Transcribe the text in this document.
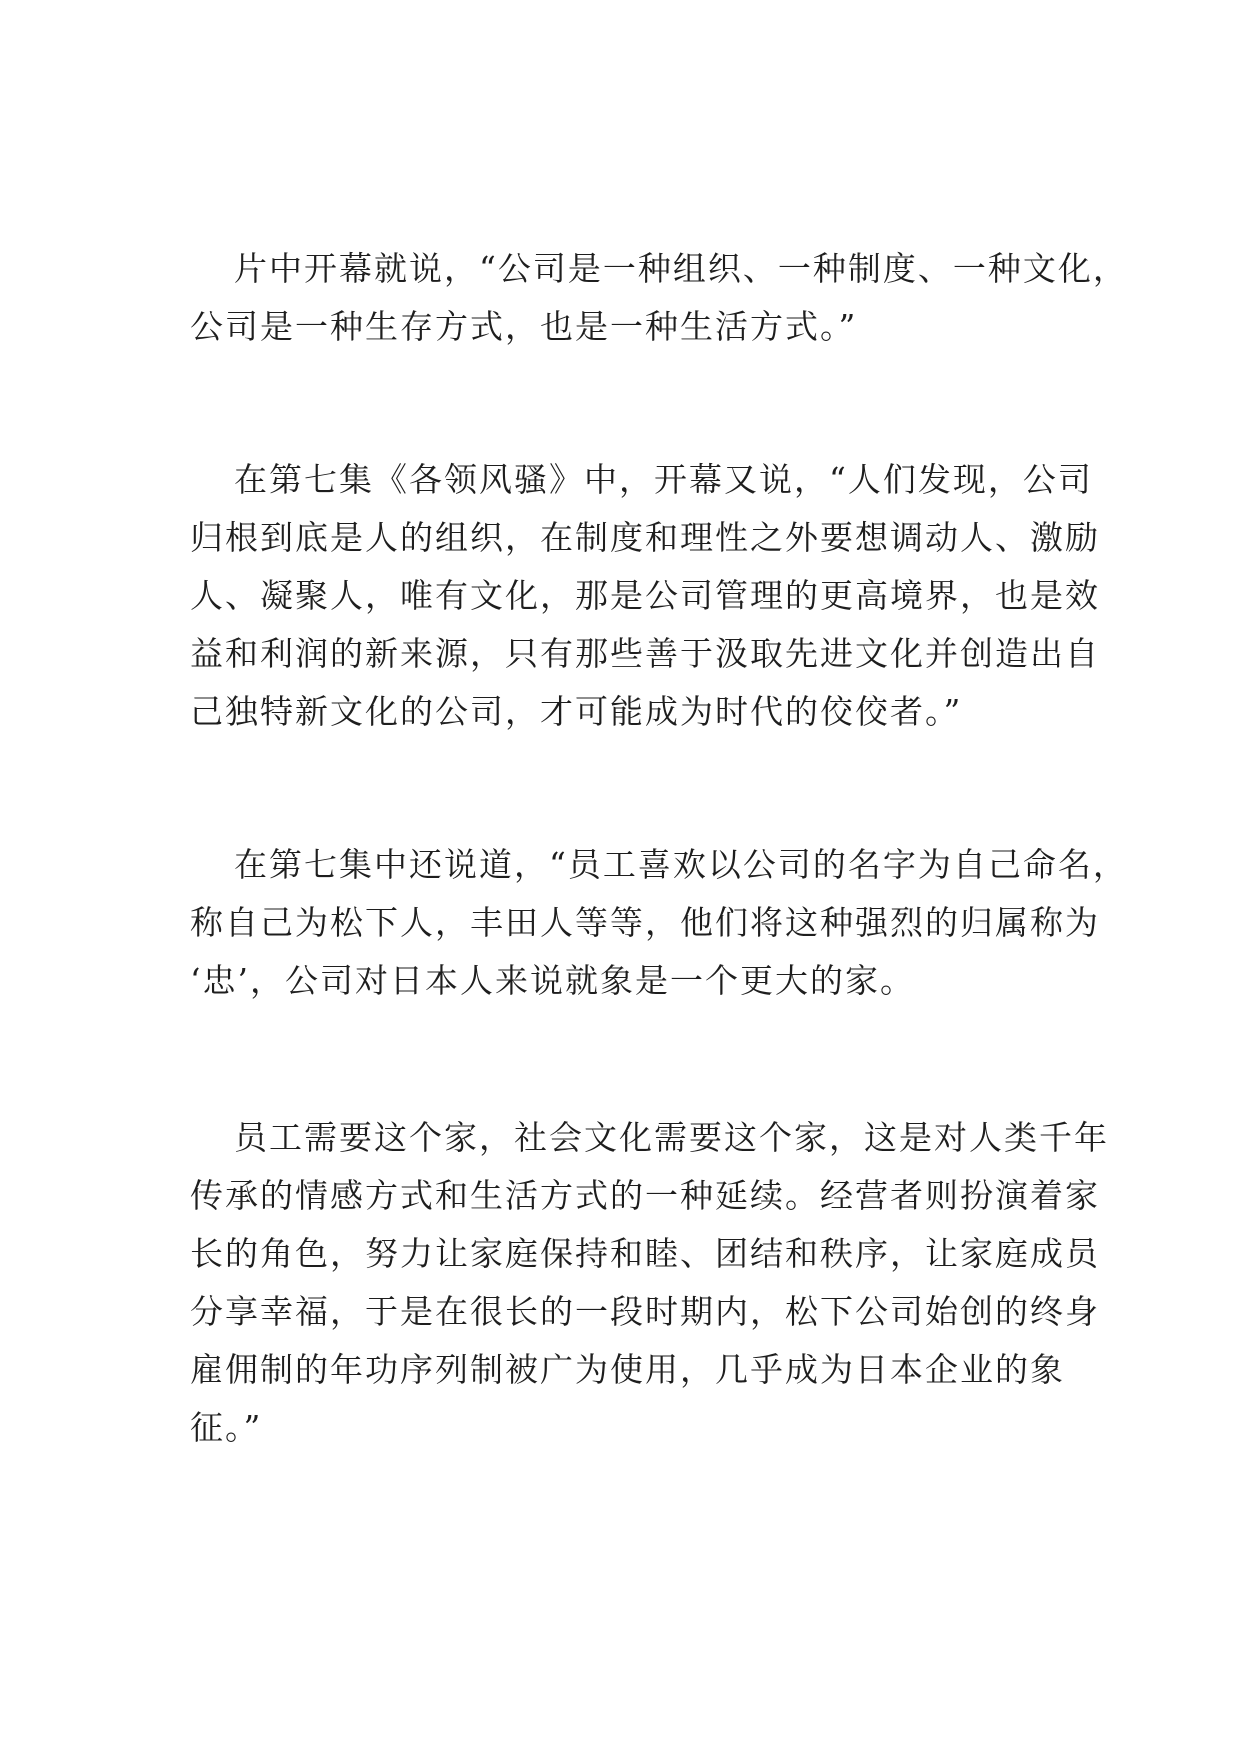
片中开幕就说，“公司是一种组织、一种制度、一种文化，
公司是一种生存方式，也是一种生活方式。”
在第七集《各领风骚》中，开幕又说，“人们发现，公司
归根到底是人的组织，在制度和理性之外要想调动人、激励
人、凝聚人，唯有文化，那是公司管理的更高境界，也是效
益和利润的新来源，只有那些善于汲取先进文化并创造出自
己独特新文化的公司，才可能成为时代的佼佼者。”
在第七集中还说道，“员工喜欢以公司的名字为自己命名，
称自己为松下人，丰田人等等，他们将这种强烈的归属称为
‘忠’，公司对日本人来说就象是一个更大的家。
员工需要这个家，社会文化需要这个家，这是对人类千年
传承的情感方式和生活方式的一种延续。经营者则扮演着家
长的角色，努力让家庭保持和睦、团结和秩序，让家庭成员
分享幸福，于是在很长的一段时期内，松下公司始创的终身
雇佣制的年功序列制被广为使用，几乎成为日本企业的象
征。”
